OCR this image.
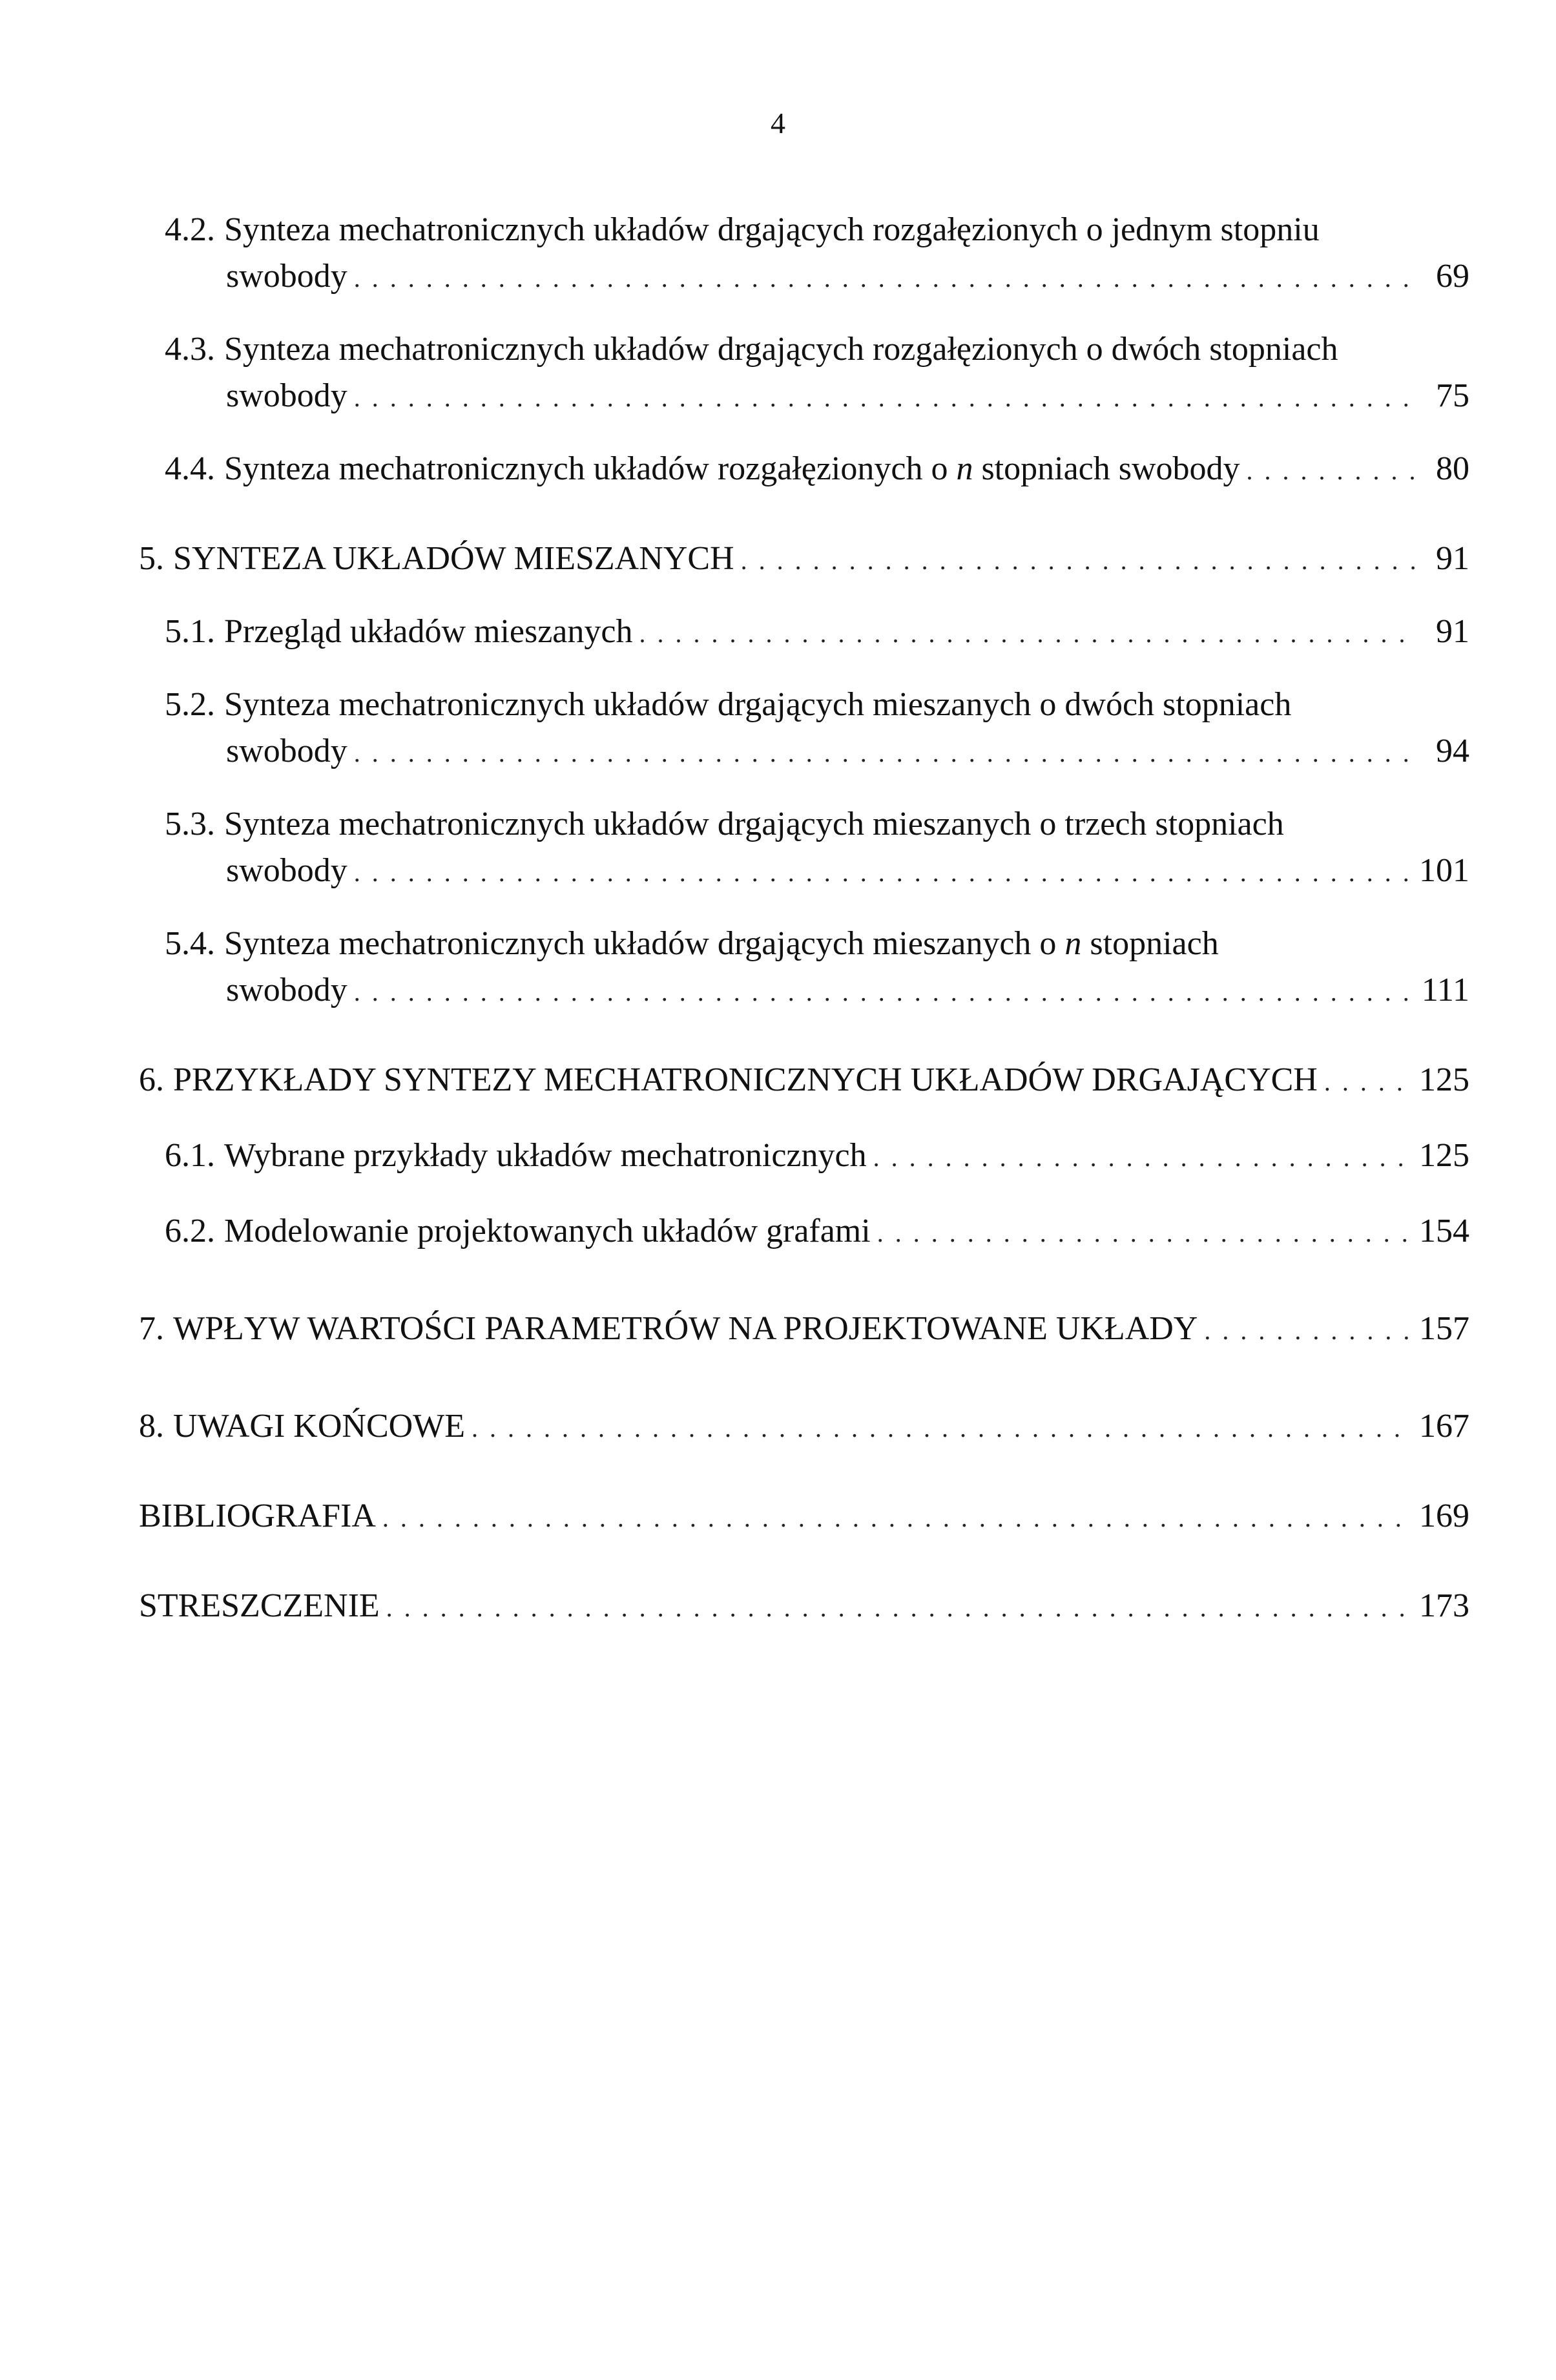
4
4.2. Synteza mechatronicznych układów drgających rozgałęzionych o jednym stopniu
swobody . . .	69
4.3. Synteza mechatronicznych układów drgających rozgałęzionych o dwóch stopniach
swobody . . .	75
4.4. Synteza mechatronicznych układów rozgałęzionych o n stopniach swobody . . .	80
5. SYNTEZA UKŁADÓW MIESZANYCH . . .	91
5.1. Przegląd układów mieszanych . . .	91
5.2. Synteza mechatronicznych układów drgających mieszanych o dwóch stopniach
swobody . . .	94
5.3. Synteza mechatronicznych układów drgających mieszanych o trzech stopniach
swobody . . .	101
5.4. Synteza mechatronicznych układów drgających mieszanych o n stopniach
swobody . . .	111
6. PRZYKŁADY SYNTEZY MECHATRONICZNYCH UKŁADÓW DRGAJĄCYCH . . .	125
6.1. Wybrane przykłady układów mechatronicznych . . .	125
6.2. Modelowanie projektowanych układów grafami . . .	154
7. WPŁYW WARTOŚCI PARAMETRÓW NA PROJEKTOWANE UKŁADY . . .	157
8. UWAGI KOŃCOWE . . .	167
BIBLIOGRAFIA . . .	169
STRESZCZENIE . . .	173
